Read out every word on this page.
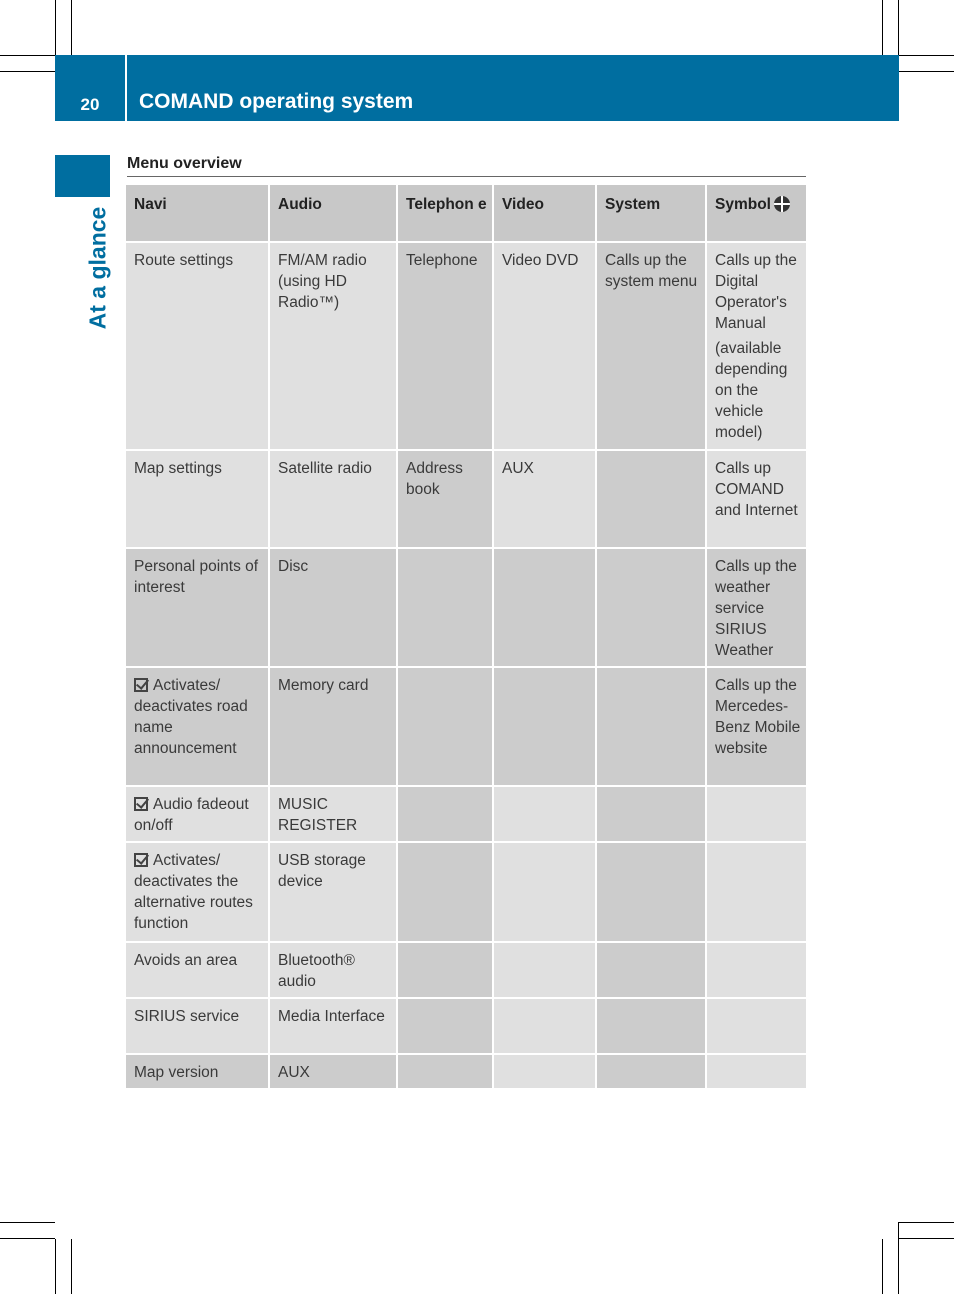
20	COMAND operating system
At a glance
Menu overview
Navi	Audio	Telephon e	Video	System	Symbol
Route settings	FM/AM radio (using HD Radio™)	Telephone	Video DVD	Calls up the system menu	Calls up the Digital Operator's Manual
(available depending on the vehicle model)

Map settings	Satellite radio	Address book	AUX		Calls up COMAND and Internet
Personal points of interest	Disc				Calls up the weather service SIRIUS Weather
Activates/ deactivates road name announcement	Memory card				Calls up the Mercedes-Benz Mobile website
Audio fadeout on/off	MUSIC REGISTER				
Activates/ deactivates the alternative routes function	USB storage device				
Avoids an area	Bluetooth® audio				
SIRIUS service	Media Interface				
Map version	AUX				
